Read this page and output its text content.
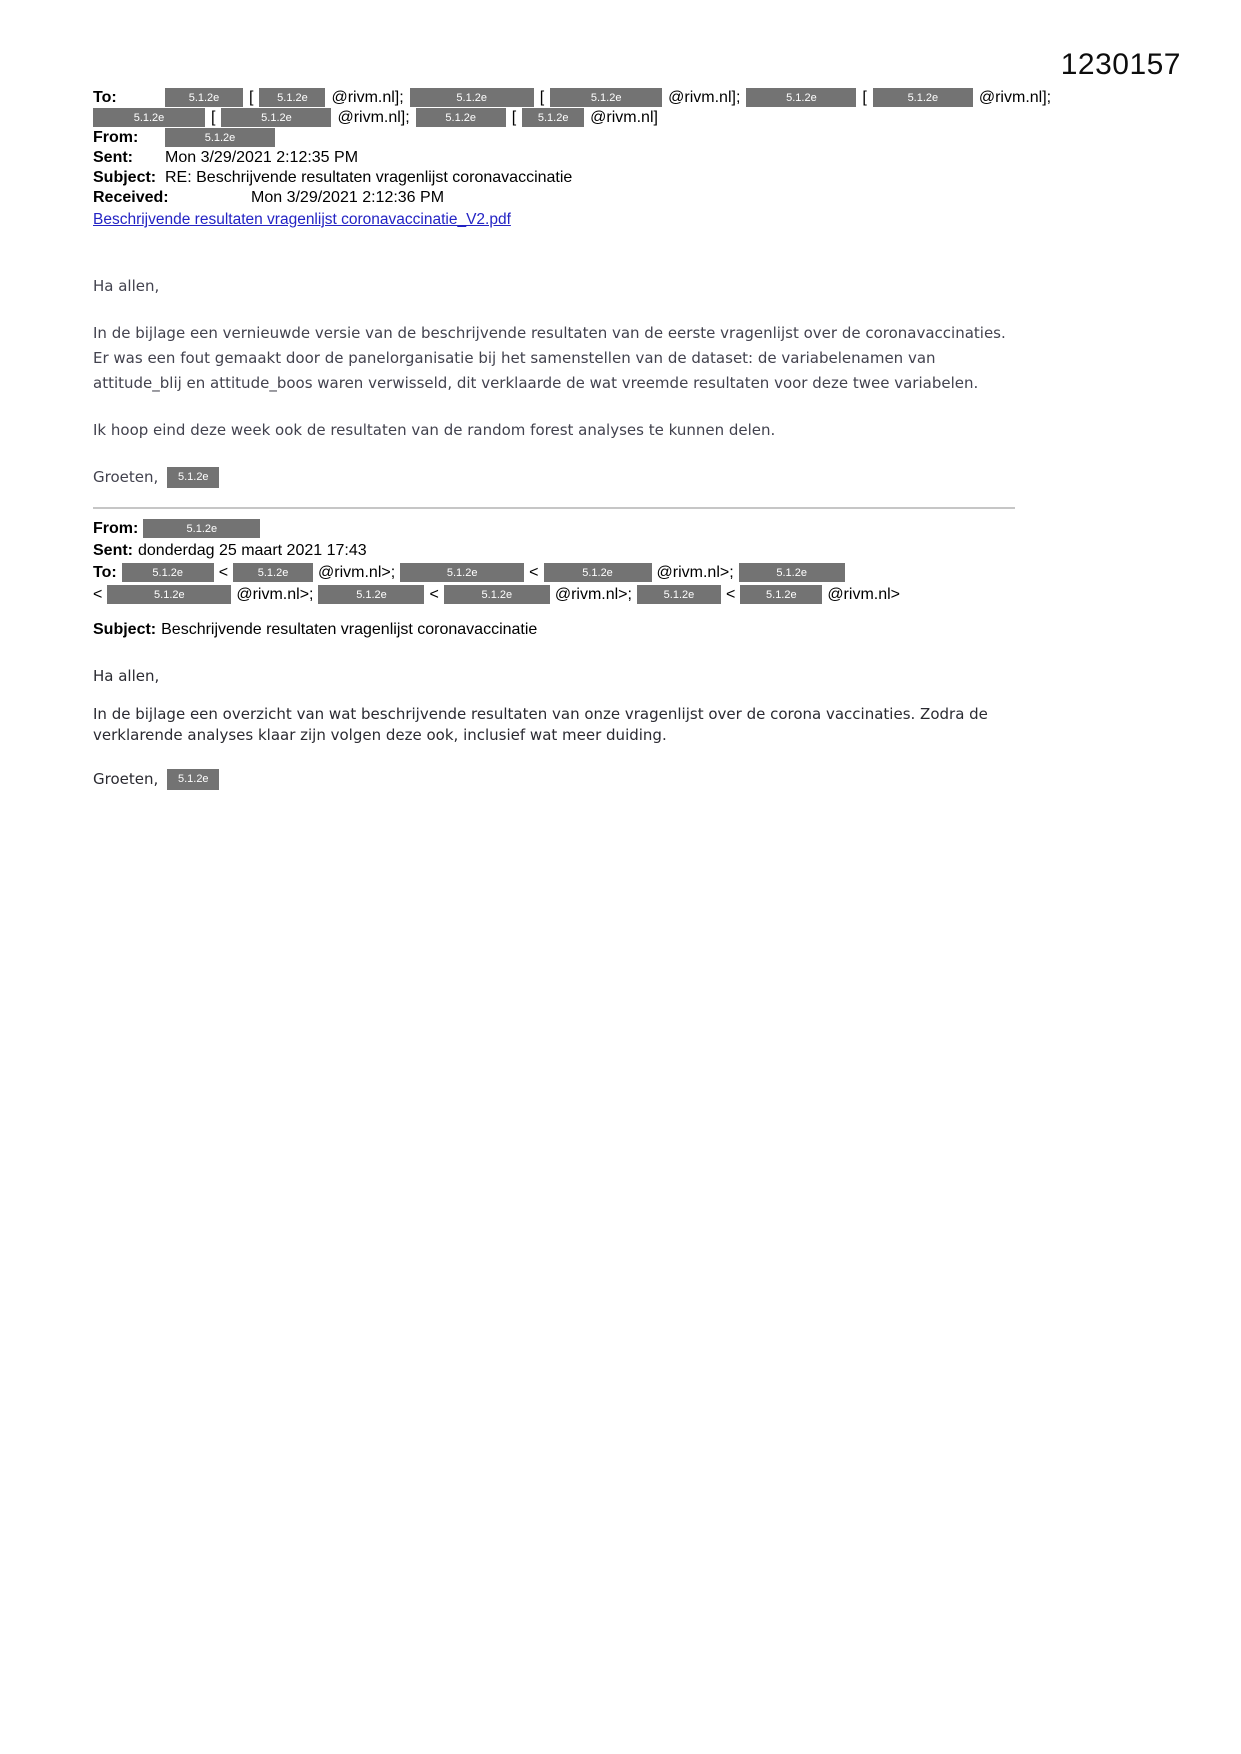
1230157
To:	5.1.2e	[	5.1.2e	@rivm.nl];	5.1.2e	[	5.1.2e	@rivm.nl];	5.1.2e	[	5.1.2e	@rivm.nl];
5.1.2e	[	5.1.2e	@rivm.nl];	5.1.2e	[	5.1.2e	@rivm.nl]
From:	5.1.2e
Sent:	Mon 3/29/2021 2:12:35 PM
Subject: RE: Beschrijvende resultaten vragenlijst coronavaccinatie
Received:	Mon 3/29/2021 2:12:36 PM
Beschrijvende resultaten vragenlijst coronavaccinatie_V2.pdf

Ha allen,

In de bijlage een vernieuwde versie van de beschrijvende resultaten van de eerste vragenlijst over de coronavaccinaties. Er was een fout gemaakt door de panelorganisatie bij het samenstellen van de dataset: de variabelenamen van attitude_blij en attitude_boos waren verwisseld, dit verklaarde de wat vreemde resultaten voor deze twee variabelen.

Ik hoop eind deze week ook de resultaten van de random forest analyses te kunnen delen.

Groeten,	5.1.2e

From:	5.1.2e
Sent: donderdag 25 maart 2021 17:43
To:	5.1.2e	<	5.1.2e	@rivm.nl>;	5.1.2e	<	5.1.2e	@rivm.nl>;	5.1.2e
<	5.1.2e	@rivm.nl>;	5.1.2e	<	5.1.2e	@rivm.nl>;	5.1.2e	<	5.1.2e	@rivm.nl>
Subject: Beschrijvende resultaten vragenlijst coronavaccinatie

Ha allen,

In de bijlage een overzicht van wat beschrijvende resultaten van onze vragenlijst over de corona vaccinaties. Zodra de verklarende analyses klaar zijn volgen deze ook, inclusief wat meer duiding.

Groeten,	5.1.2e
